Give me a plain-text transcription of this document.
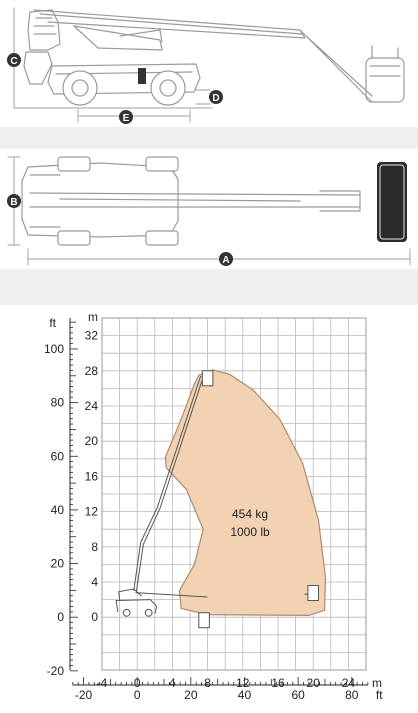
C
D
E
B
A
-20
0
20
40
60
80
100
ft
0
4
8
12
16
20
24
28
32
m
-4 0 4 8 12 16 20 24 m
-20	0	20	40	60	80 ft
454 kg
1000 lb
